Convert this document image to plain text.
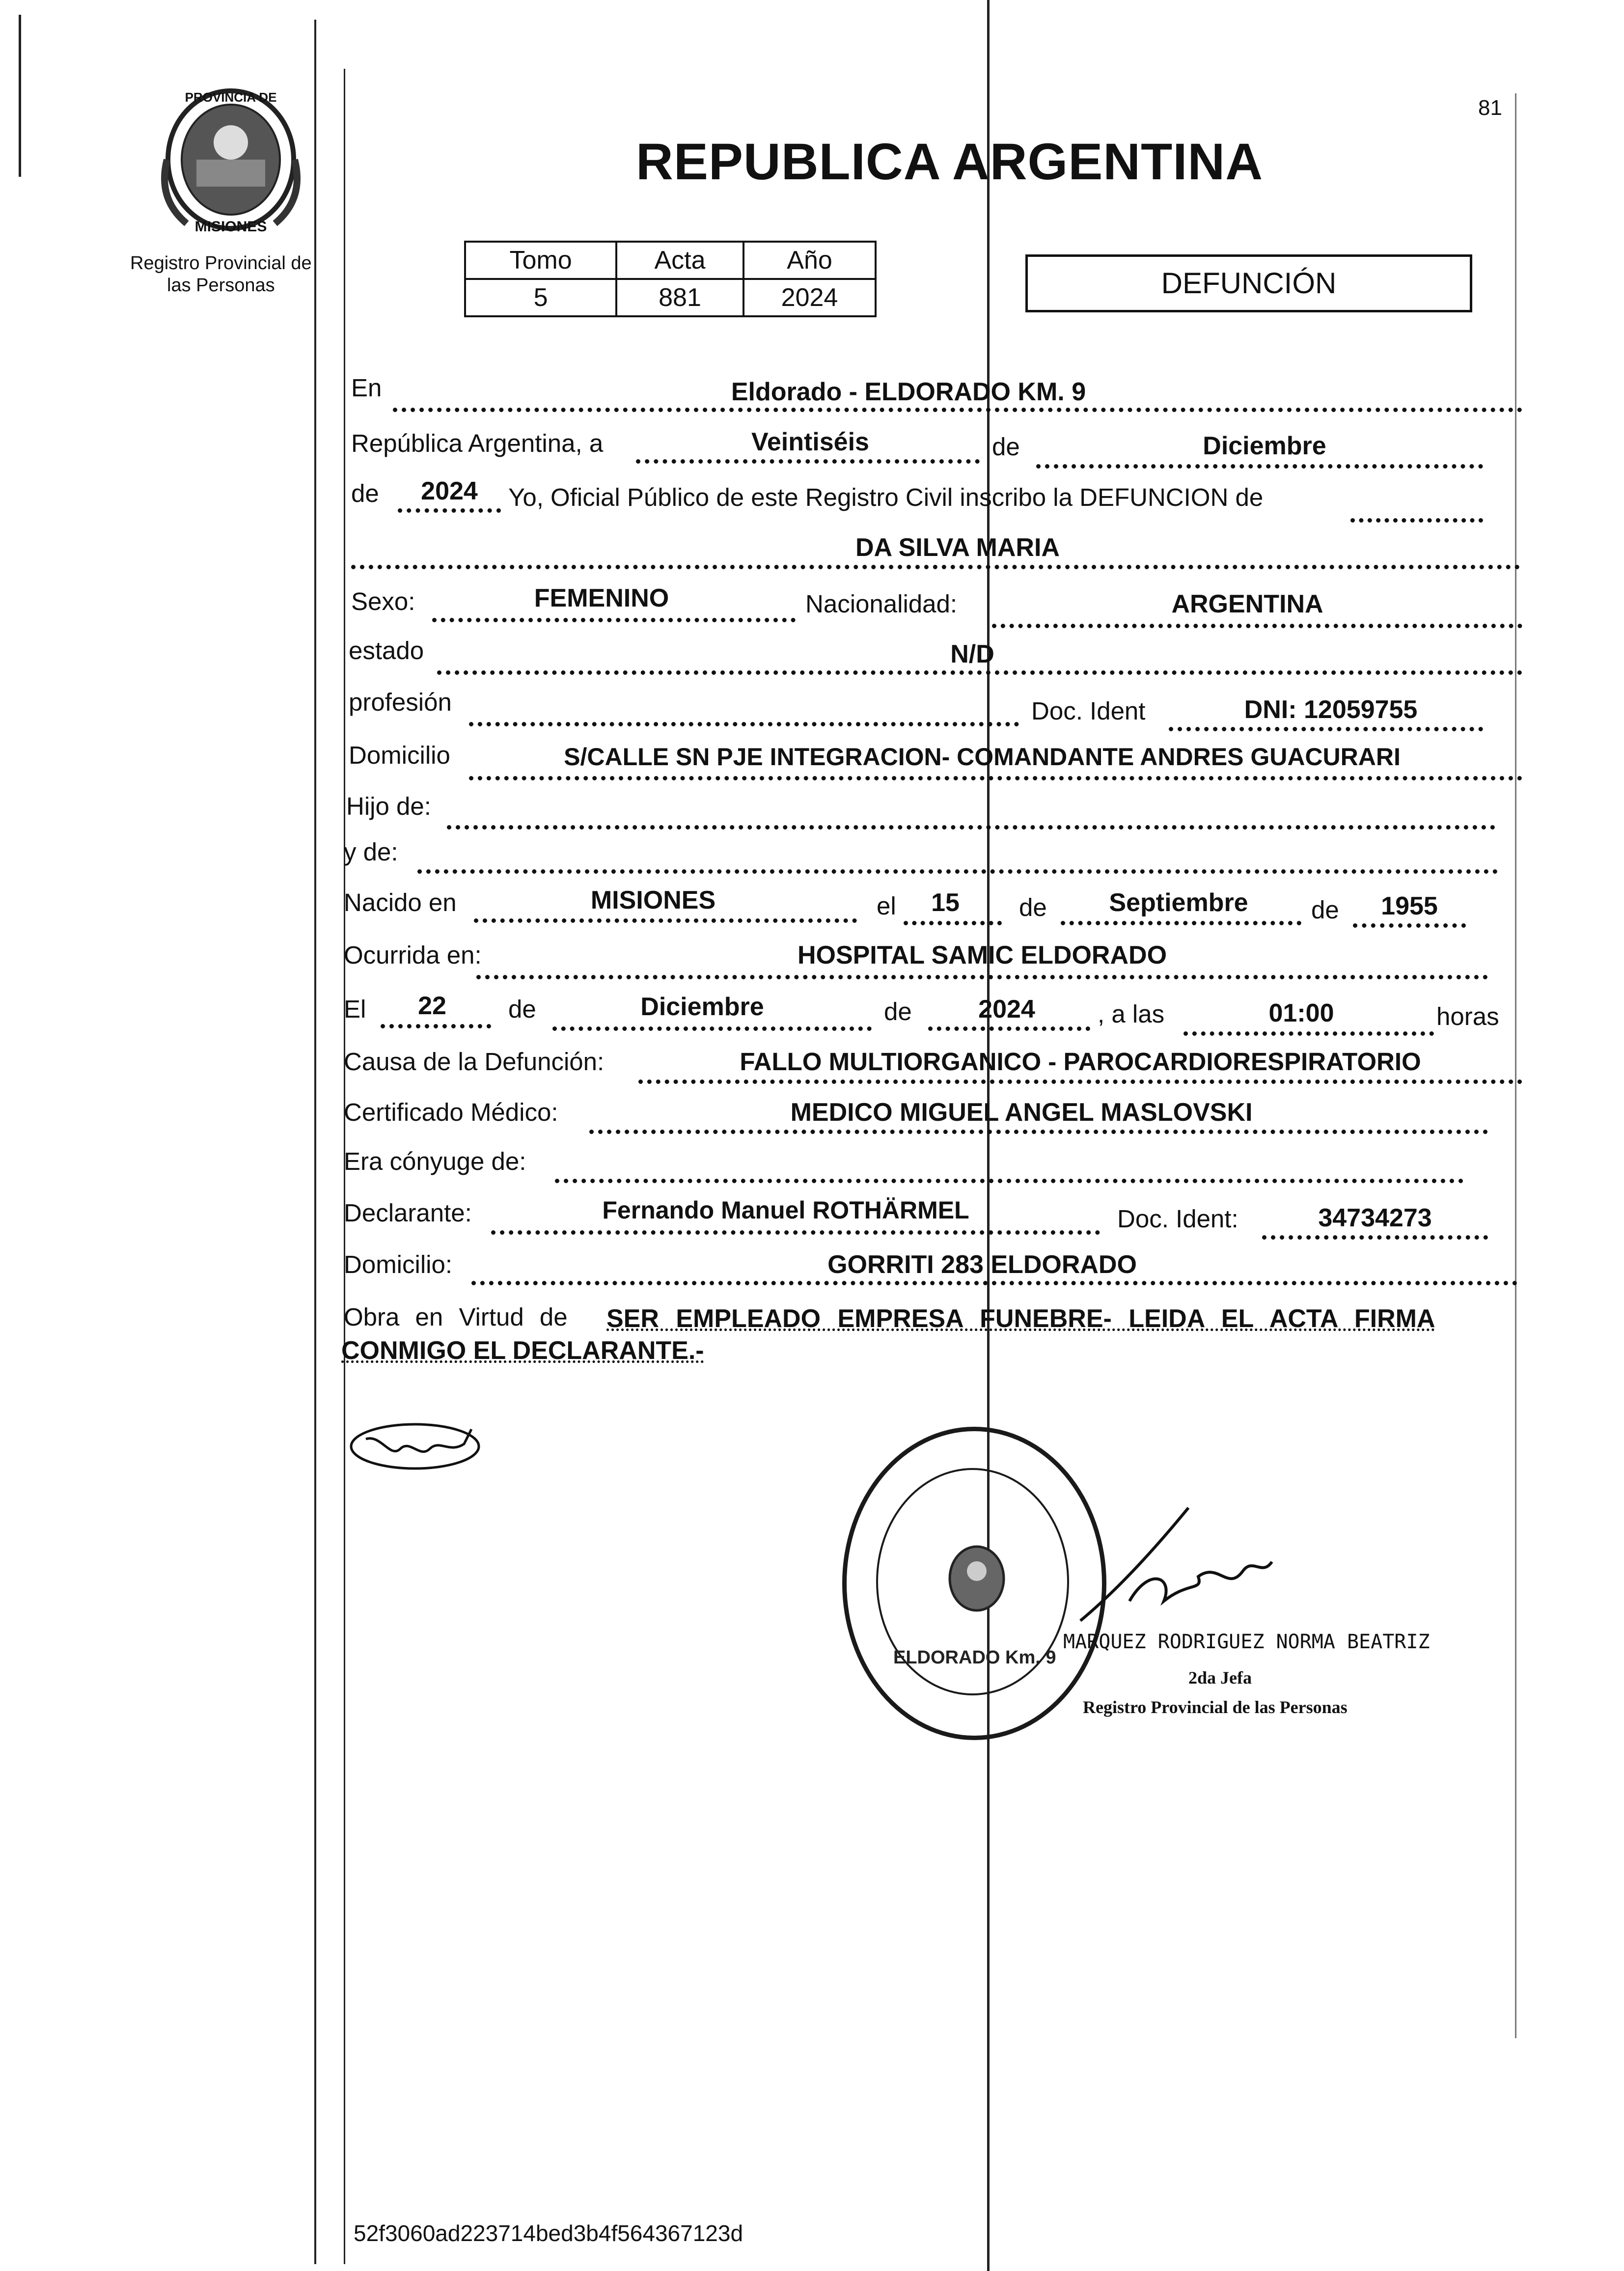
81
PROVINCIA DE
MISIONES
Registro Provincial de
las Personas
REPUBLICA ARGENTINA
Tomo	Acta	Año
5	881	2024	DEFUNCIÓN
En	Eldorado - ELDORADO KM. 9
República Argentina, a	Veintiséis	de	Diciembre
de	2024	Yo, Oficial Público de este Registro Civil inscribo la DEFUNCION de
DA SILVA MARIA
Sexo:	FEMENINO	Nacionalidad:	ARGENTINA
estado	N/D
profesión	Doc. Ident	DNI: 12059755
Domicilio	S/CALLE SN PJE INTEGRACION- COMANDANTE ANDRES GUACURARI
Hijo de:
y de:
Nacido en	MISIONES	el	15	de	Septiembre	de	1955
Ocurrida en:	HOSPITAL SAMIC ELDORADO
El	22	de	Diciembre	de	2024	, a las	01:00	horas
Causa de la Defunción:	FALLO MULTIORGANICO - PAROCARDIORESPIRATORIO
Certificado Médico:	MEDICO MIGUEL ANGEL MASLOVSKI
Era cónyuge de:
Declarante:	Fernando Manuel ROTHÄRMEL	Doc. Ident:	34734273
Domicilio:	GORRITI 283 ELDORADO
Obra en Virtud de SER EMPLEADO EMPRESA FUNEBRE- LEIDA EL ACTA FIRMA
CONMIGO EL DECLARANTE.-
ELDORADO Km. 9
MARQUEZ RODRIGUEZ NORMA BEATRIZ
2da Jefa
Registro Provincial de las Personas
52f3060ad223714bed3b4f564367123d
